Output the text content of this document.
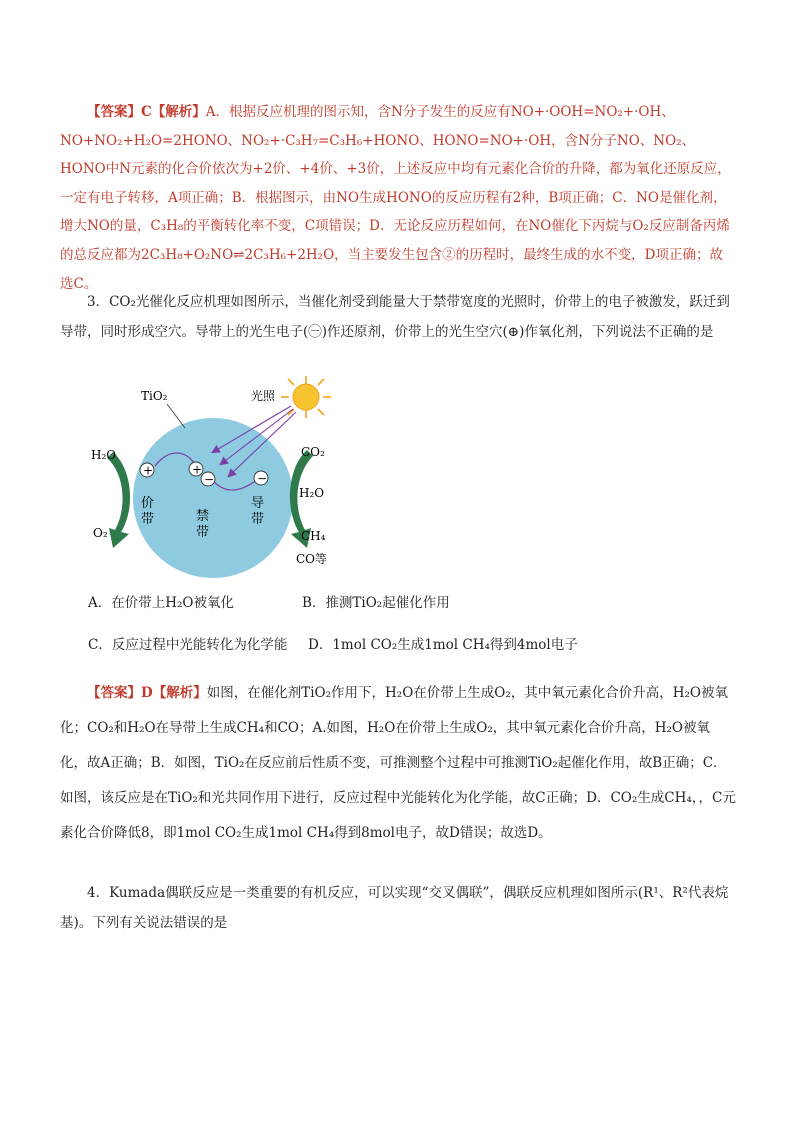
【答案】C【解析】A．根据反应机理的图示知，含N分子发生的反应有NO+·OOH=NO₂+·OH、NO+NO₂+H₂O=2HONO、NO₂+·C₃H₇=C₃H₆+HONO、HONO=NO+·OH，含N分子NO、NO₂、HONO中N元素的化合价依次为+2价、+4价、+3价，上述反应中均有元素化合价的升降，都为氧化还原反应，一定有电子转移，A项正确；B．根据图示，由NO生成HONO的反应历程有2种，B项正确；C．NO是催化剂，增大NO的量，C₃H₈的平衡转化率不变，C项错误；D．无论反应历程如何，在NO催化下丙烷与O₂反应制备丙烯的总反应都为2C₃H₈+O₂NO⇌2C₃H₆+2H₂O，当主要发生包含②的历程时，最终生成的水不变，D项正确；故选C。
3．CO₂光催化反应机理如图所示，当催化剂受到能量大于禁带宽度的光照时，价带上的电子被激发，跃迁到导带，同时形成空穴。导带上的光生电子(㊀)作还原剂，价带上的光生空穴(⊕)作氧化剂，下列说法不正确的是
TiO₂	光照
+	+
−	−
价
带	禁
带
导
带
H₂O
O₂
CO₂
H₂O
CH₄
CO等
A．在价带上H₂O被氧化	B．推测TiO₂起催化作用
C．反应过程中光能转化为化学能 D．1mol CO₂生成1mol CH₄得到4mol电子
【答案】D【解析】如图，在催化剂TiO₂作用下，H₂O在价带上生成O₂，其中氧元素化合价升高，H₂O被氧化；CO₂和H₂O在导带上生成CH₄和CO；A.如图，H₂O在价带上生成O₂，其中氧元素化合价升高，H₂O被氧化，故A正确；B．如图，TiO₂在反应前后性质不变，可推测整个过程中可推测TiO₂起催化作用，故B正确；C．如图，该反应是在TiO₂和光共同作用下进行，反应过程中光能转化为化学能，故C正确；D．CO₂生成CH₄，，C元素化合价降低8，即1mol CO₂生成1mol CH₄得到8mol电子，故D错误；故选D。
4．Kumada偶联反应是一类重要的有机反应，可以实现“交叉偶联”，偶联反应机理如图所示(R¹、R²代表烷基)。下列有关说法错误的是
